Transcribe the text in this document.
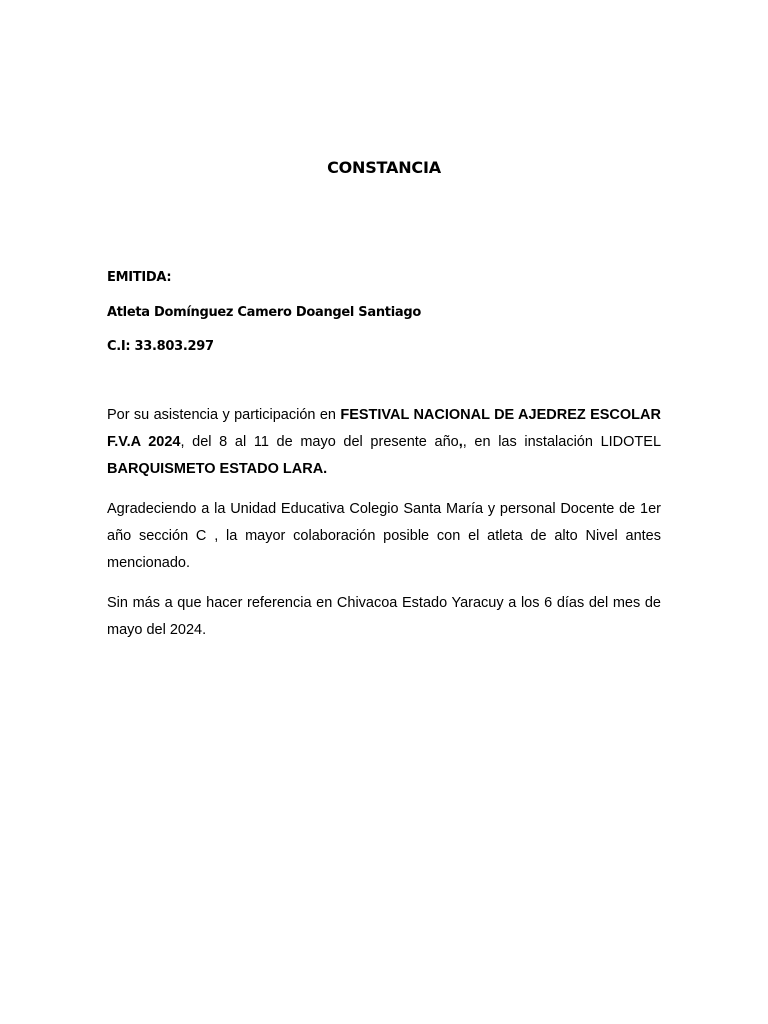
CONSTANCIA
EMITIDA:
Atleta Domínguez Camero Doangel Santiago
C.I: 33.803.297

Por su asistencia y participación en FESTIVAL NACIONAL DE AJEDREZ ESCOLAR F.V.A 2024, del 8 al 11 de mayo del presente año,, en las instalación LIDOTEL BARQUISMETO ESTADO LARA.

Agradeciendo a la Unidad Educativa Colegio Santa María y personal Docente de 1er año sección C , la mayor colaboración posible con el atleta de alto Nivel antes mencionado.

Sin más a que hacer referencia en Chivacoa Estado Yaracuy a los 6 días del mes de mayo del 2024.
